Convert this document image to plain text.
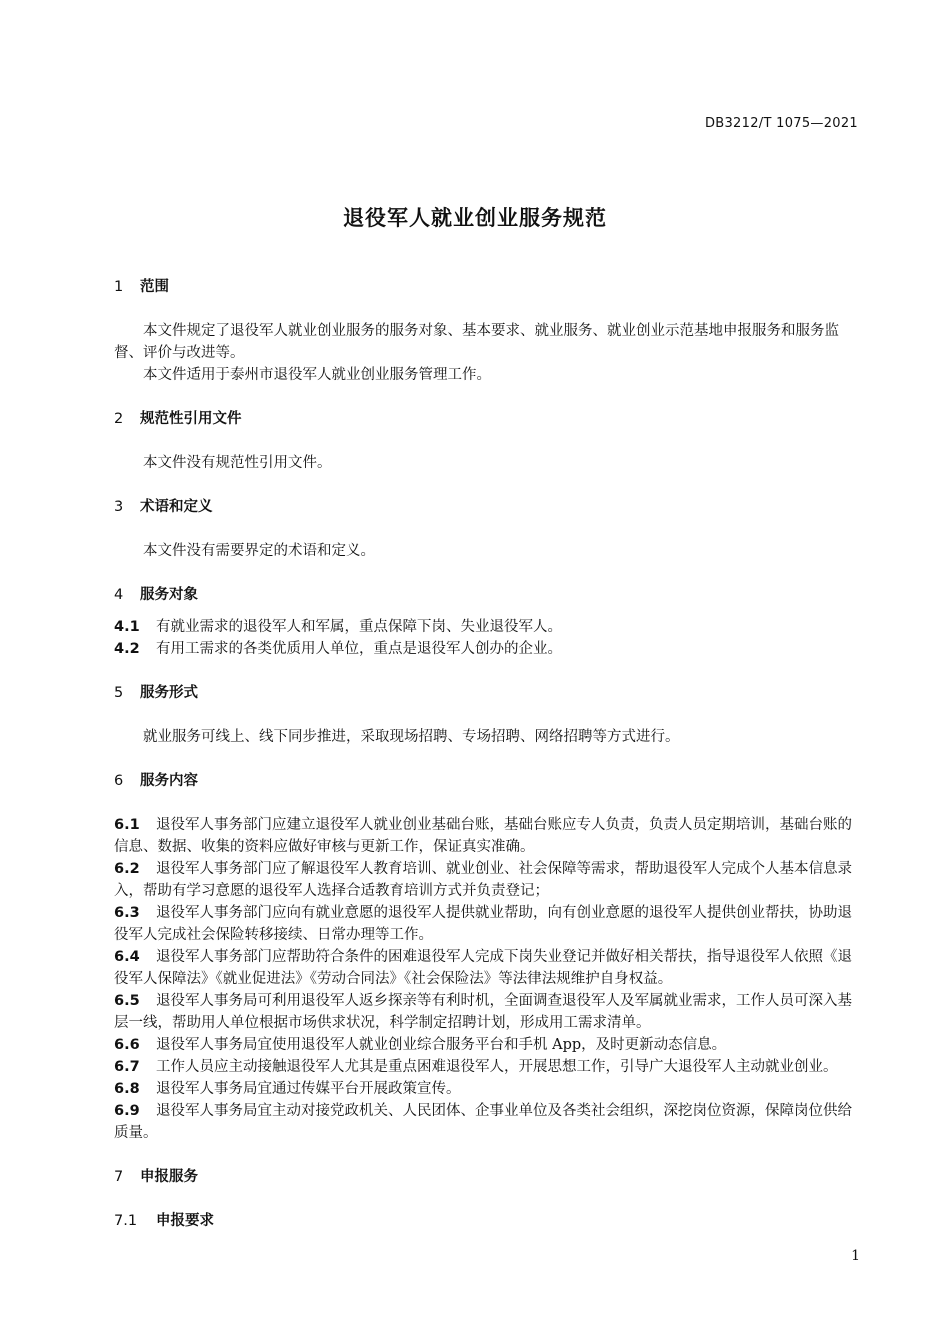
DB3212/T 1075—2021
退役军人就业创业服务规范
1 范围

本文件规定了退役军人就业创业服务的服务对象、基本要求、就业服务、就业创业示范基地申报服务和服务监督、评价与改进等。

本文件适用于泰州市退役军人就业创业服务管理工作。

2 规范性引用文件

本文件没有规范性引用文件。

3 术语和定义

本文件没有需要界定的术语和定义。

4 服务对象

4.1 有就业需求的退役军人和军属，重点保障下岗、失业退役军人。

4.2 有用工需求的各类优质用人单位，重点是退役军人创办的企业。

5 服务形式

就业服务可线上、线下同步推进，采取现场招聘、专场招聘、网络招聘等方式进行。

6 服务内容

6.1 退役军人事务部门应建立退役军人就业创业基础台账，基础台账应专人负责，负责人员定期培训，基础台账的信息、数据、收集的资料应做好审核与更新工作，保证真实准确。

6.2 退役军人事务部门应了解退役军人教育培训、就业创业、社会保障等需求，帮助退役军人完成个人基本信息录入，帮助有学习意愿的退役军人选择合适教育培训方式并负责登记；

6.3 退役军人事务部门应向有就业意愿的退役军人提供就业帮助，向有创业意愿的退役军人提供创业帮扶，协助退役军人完成社会保险转移接续、日常办理等工作。

6.4 退役军人事务部门应帮助符合条件的困难退役军人完成下岗失业登记并做好相关帮扶，指导退役军人依照《退役军人保障法》《就业促进法》《劳动合同法》《社会保险法》等法律法规维护自身权益。

6.5 退役军人事务局可利用退役军人返乡探亲等有利时机，全面调查退役军人及军属就业需求，工作人员可深入基层一线，帮助用人单位根据市场供求状况，科学制定招聘计划，形成用工需求清单。

6.6 退役军人事务局宜使用退役军人就业创业综合服务平台和手机 App，及时更新动态信息。

6.7 工作人员应主动接触退役军人尤其是重点困难退役军人，开展思想工作，引导广大退役军人主动就业创业。

6.8 退役军人事务局宜通过传媒平台开展政策宣传。

6.9 退役军人事务局宜主动对接党政机关、人民团体、企事业单位及各类社会组织，深挖岗位资源，保障岗位供给质量。

7 申报服务
7.1 申报要求
1
